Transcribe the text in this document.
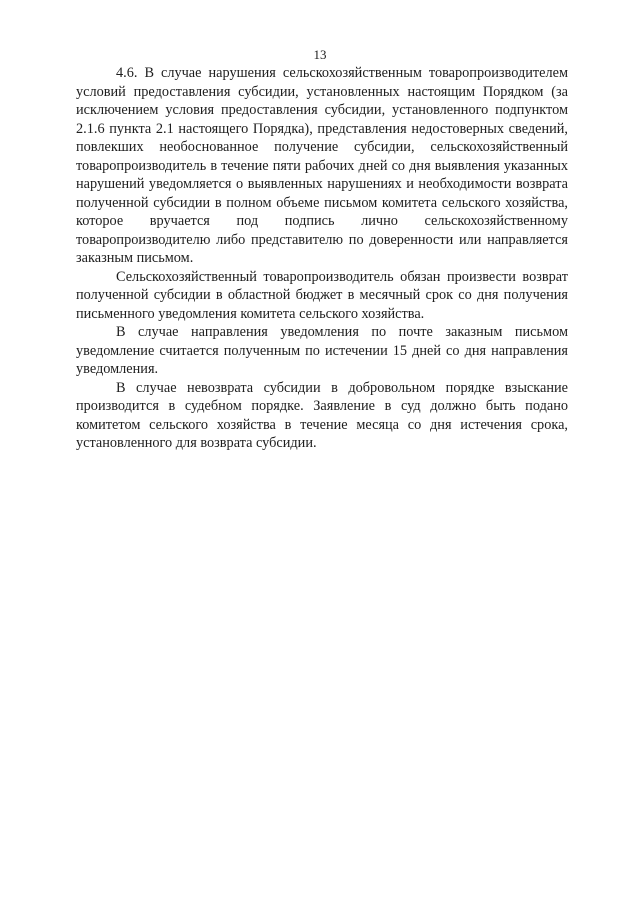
13

4.6. В случае нарушения сельскохозяйственным товаропроизводителем условий предоставления субсидии, установленных настоящим Порядком (за исключением условия предоставления субсидии, установленного подпунктом 2.1.6 пункта 2.1 настоящего Порядка), представления недостоверных сведений, повлекших необоснованное получение субсидии, сельскохозяйственный товаропроизводитель в течение пяти рабочих дней со дня выявления указанных нарушений уведомляется о выявленных нарушениях и необходимости возврата полученной субсидии в полном объеме письмом комитета сельского хозяйства, которое вручается под подпись лично сельскохозяйственному товаропроизводителю либо представителю по доверенности или направляется заказным письмом.

Сельскохозяйственный товаропроизводитель обязан произвести возврат полученной субсидии в областной бюджет в месячный срок со дня получения письменного уведомления комитета сельского хозяйства.

В случае направления уведомления по почте заказным письмом уведомление считается полученным по истечении 15 дней со дня направления уведомления.

В случае невозврата субсидии в добровольном порядке взыскание производится в судебном порядке. Заявление в суд должно быть подано комитетом сельского хозяйства в течение месяца со дня истечения срока, установленного для возврата субсидии.
